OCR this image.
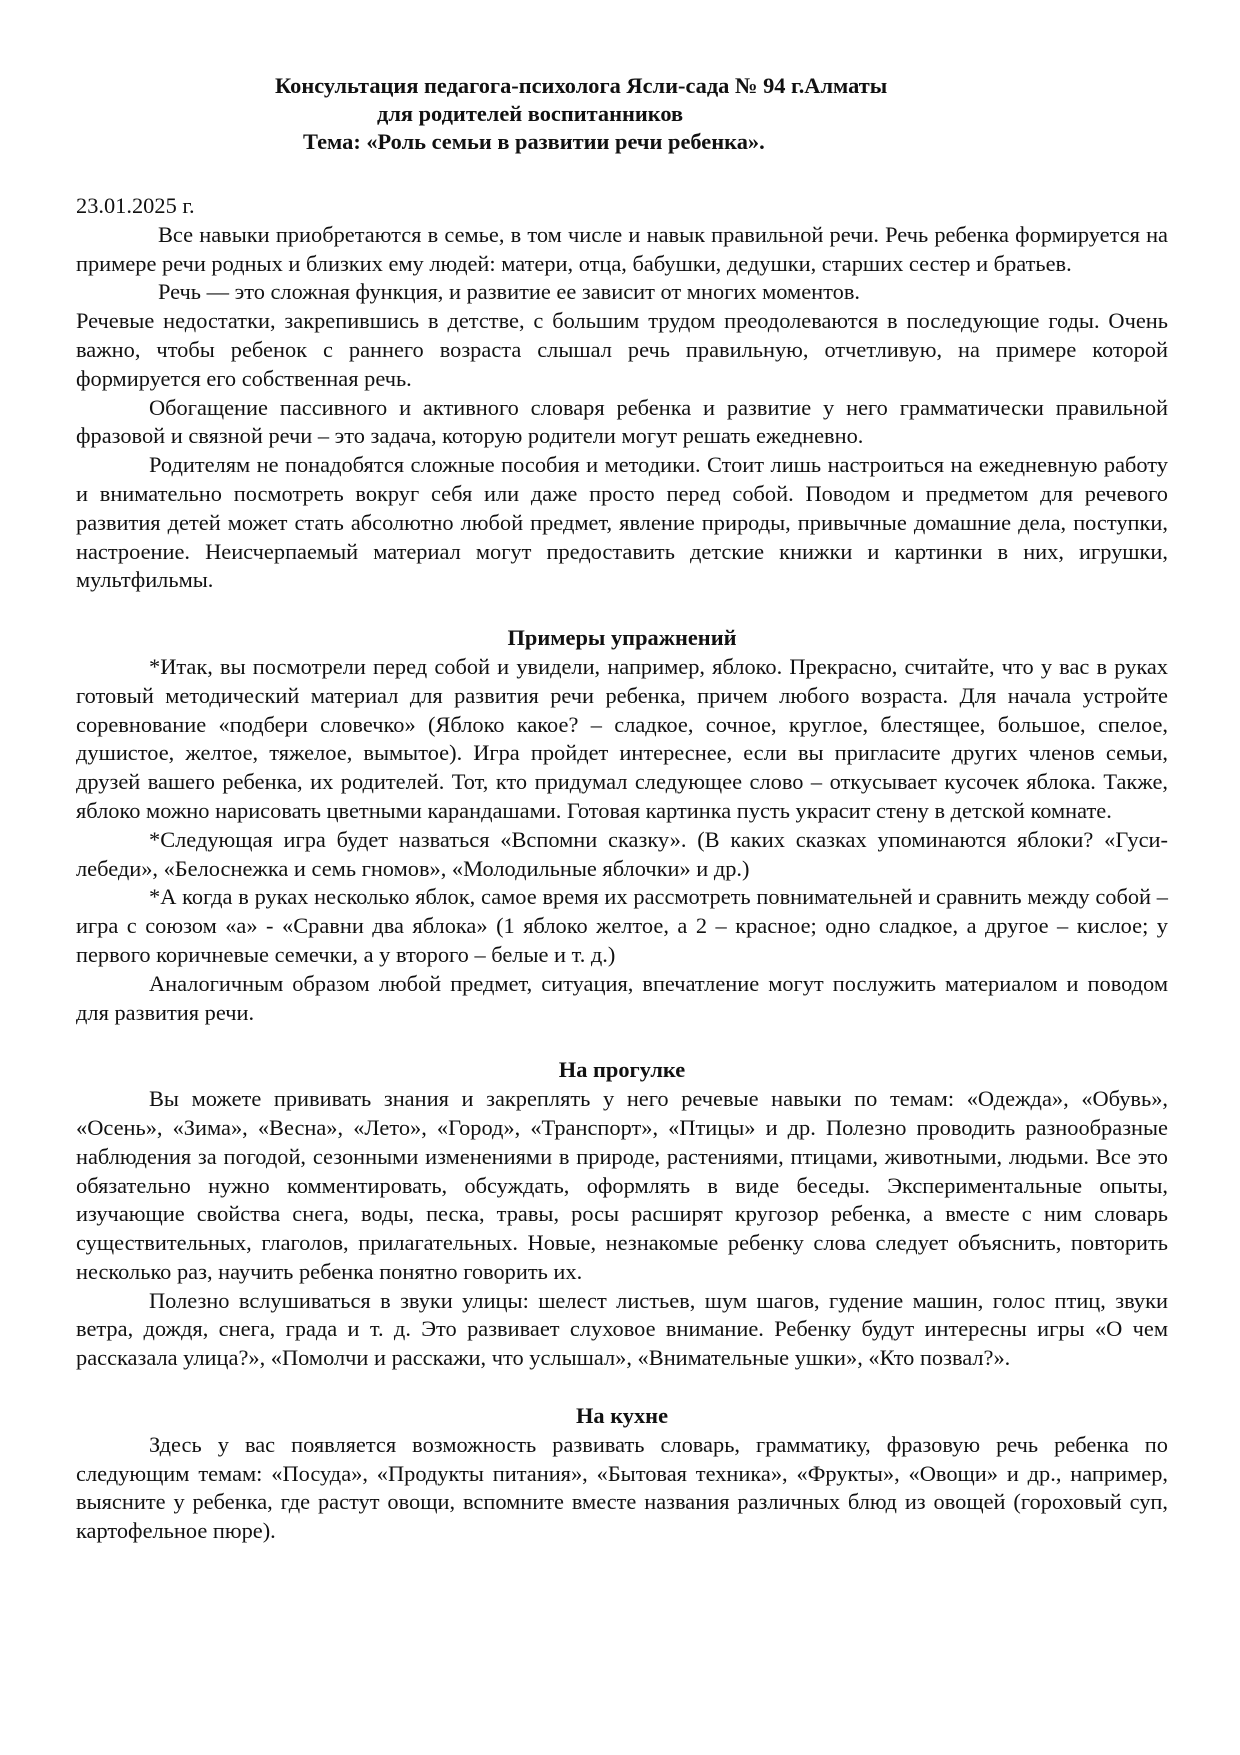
Консультация педагога-психолога Ясли-сада № 94 г.Алматы
для родителей воспитанников
Тема: «Роль семьи в развитии речи ребенка».

23.01.2025 г.

Все навыки приобретаются в семье, в том числе и навык правильной речи. Речь ребенка формируется на примере речи родных и близких ему людей: матери, отца, бабушки, дедушки, старших сестер и братьев.

Речь — это сложная функция, и развитие ее зависит от многих моментов.

Речевые недостатки, закрепившись в детстве, с большим трудом преодолеваются в последующие годы. Очень важно, чтобы ребенок с раннего возраста слышал речь правильную, отчетливую, на примере которой формируется его собственная речь.

Обогащение пассивного и активного словаря ребенка и развитие у него грамматически правильной фразовой и связной речи – это задача, которую родители могут решать ежедневно.

Родителям не понадобятся сложные пособия и методики. Стоит лишь настроиться на ежедневную работу и внимательно посмотреть вокруг себя или даже просто перед собой. Поводом и предметом для речевого развития детей может стать абсолютно любой предмет, явление природы, привычные домашние дела, поступки, настроение. Неисчерпаемый материал могут предоставить детские книжки и картинки в них, игрушки, мультфильмы.

Примеры упражнений

*Итак, вы посмотрели перед собой и увидели, например, яблоко. Прекрасно, считайте, что у вас в руках готовый методический материал для развития речи ребенка, причем любого возраста. Для начала устройте соревнование «подбери словечко» (Яблоко какое? – сладкое, сочное, круглое, блестящее, большое, спелое, душистое, желтое, тяжелое, вымытое). Игра пройдет интереснее, если вы пригласите других членов семьи, друзей вашего ребенка, их родителей. Тот, кто придумал следующее слово – откусывает кусочек яблока. Также, яблоко можно нарисовать цветными карандашами. Готовая картинка пусть украсит стену в детской комнате.

*Следующая игра будет назваться «Вспомни сказку». (В каких сказках упоминаются яблоки? «Гуси-лебеди», «Белоснежка и семь гномов», «Молодильные яблочки» и др.)

*А когда в руках несколько яблок, самое время их рассмотреть повнимательней и сравнить между собой – игра с союзом «а» - «Сравни два яблока» (1 яблоко желтое, а 2 – красное; одно сладкое, а другое – кислое; у первого коричневые семечки, а у второго – белые и т. д.)

Аналогичным образом любой предмет, ситуация, впечатление могут послужить материалом и поводом для развития речи.

На прогулке

Вы можете прививать знания и закреплять у него речевые навыки по темам: «Одежда», «Обувь», «Осень», «Зима», «Весна», «Лето», «Город», «Транспорт», «Птицы» и др. Полезно проводить разнообразные наблюдения за погодой, сезонными изменениями в природе, растениями, птицами, животными, людьми. Все это обязательно нужно комментировать, обсуждать, оформлять в виде беседы. Экспериментальные опыты, изучающие свойства снега, воды, песка, травы, росы расширят кругозор ребенка, а вместе с ним словарь существительных, глаголов, прилагательных. Новые, незнакомые ребенку слова следует объяснить, повторить несколько раз, научить ребенка понятно говорить их.

Полезно вслушиваться в звуки улицы: шелест листьев, шум шагов, гудение машин, голос птиц, звуки ветра, дождя, снега, града и т. д. Это развивает слуховое внимание. Ребенку будут интересны игры «О чем рассказала улица?», «Помолчи и расскажи, что услышал», «Внимательные ушки», «Кто позвал?».

На кухне

Здесь у вас появляется возможность развивать словарь, грамматику, фразовую речь ребенка по следующим темам: «Посуда», «Продукты питания», «Бытовая техника», «Фрукты», «Овощи» и др., например, выясните у ребенка, где растут овощи, вспомните вместе названия различных блюд из овощей (гороховый суп, картофельное пюре).
